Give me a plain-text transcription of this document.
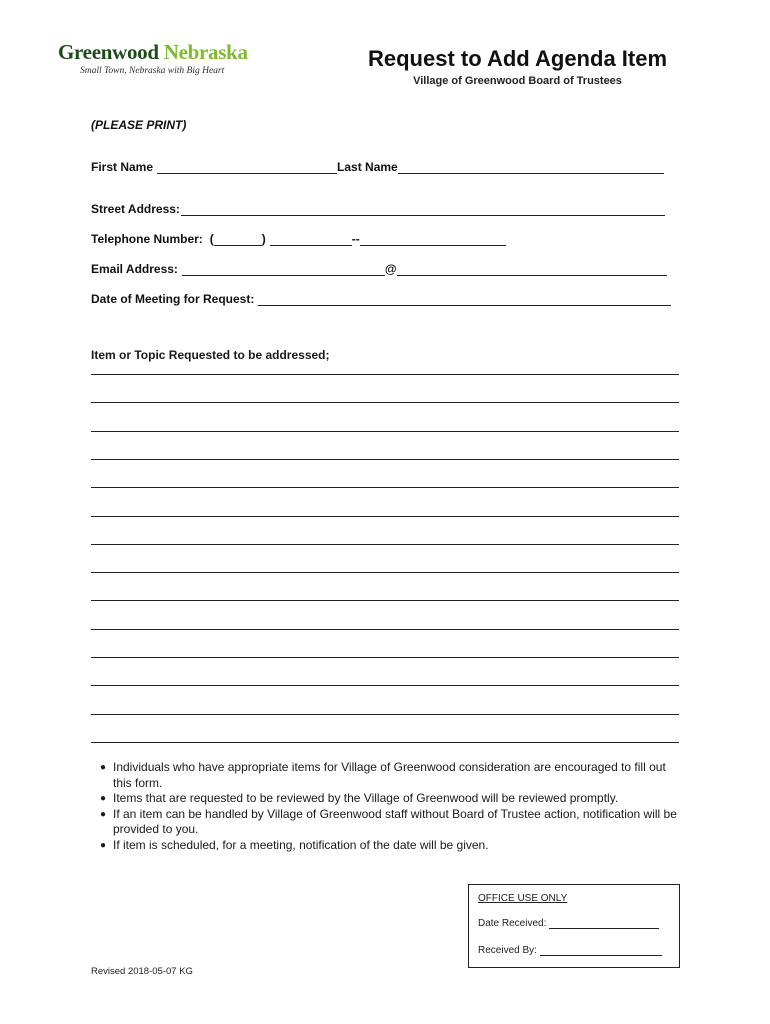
Greenwood Nebraska
Small Town, Nebraska with Big Heart	Request to Add Agenda Item
Village of Greenwood Board of Trustees
(PLEASE PRINT)
First Name	Last Name
Street Address:
Telephone Number: (	)	--
Email Address:	@
Date of Meeting for Request:
Item or Topic Requested to be addressed;
● Individuals who have appropriate items for Village of Greenwood consideration are encouraged to fill out this form.
● Items that are requested to be reviewed by the Village of Greenwood will be reviewed promptly.
● If an item can be handled by Village of Greenwood staff without Board of Trustee action, notification will be provided to you.
● If item is scheduled, for a meeting, notification of the date will be given.
OFFICE USE ONLY
Date Received:
Received By:
Revised 2018-05-07 KG
